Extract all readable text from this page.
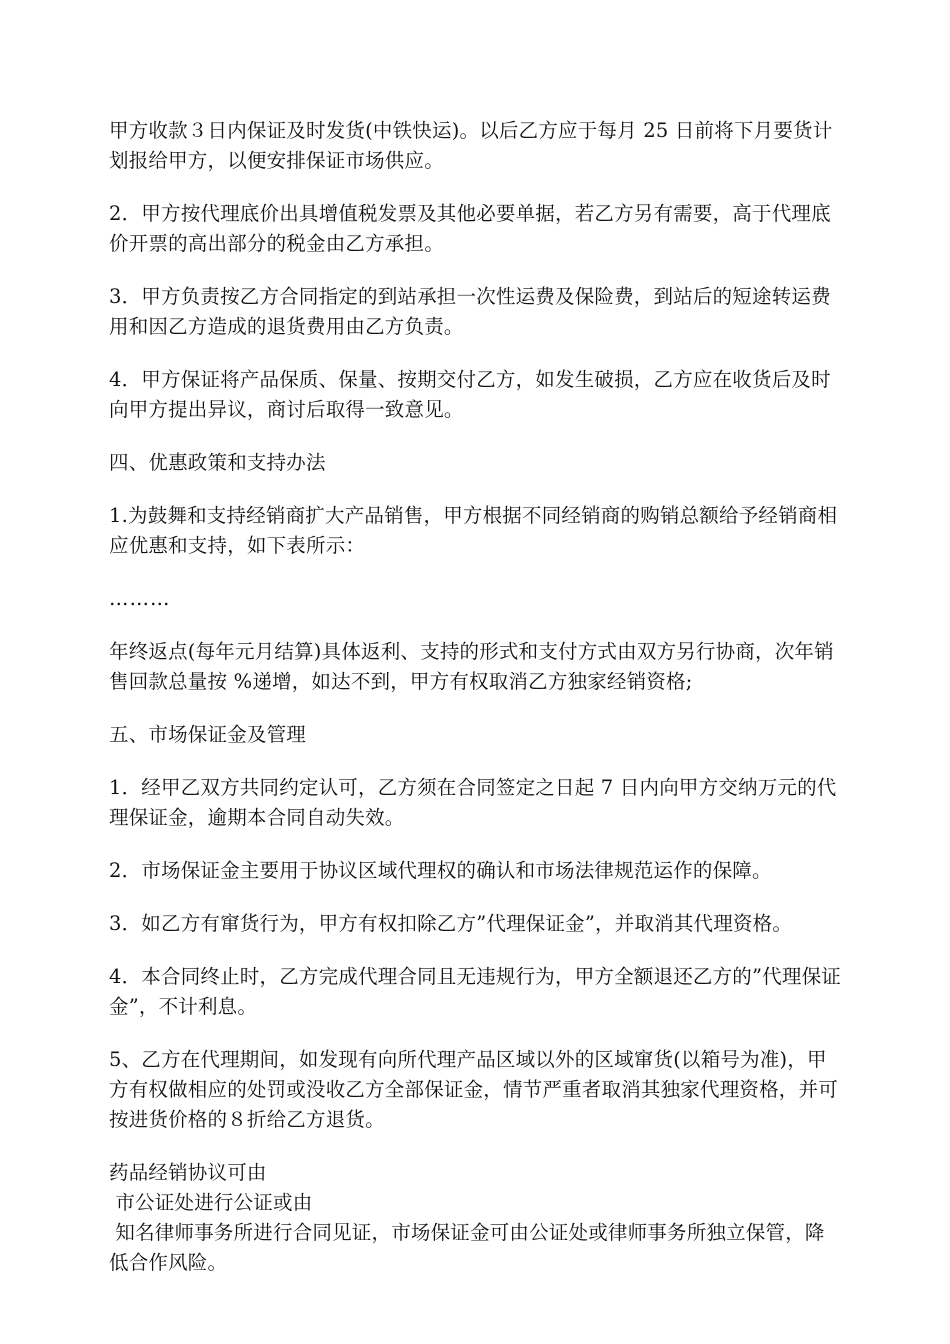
甲方收款３日内保证及时发货(中铁快运)。以后乙方应于每月 25 日前将下月要货计划报给甲方，以便安排保证市场供应。

2．甲方按代理底价出具增值税发票及其他必要单据，若乙方另有需要，高于代理底价开票的高出部分的税金由乙方承担。

3．甲方负责按乙方合同指定的到站承担一次性运费及保险费，到站后的短途转运费用和因乙方造成的退货费用由乙方负责。

4．甲方保证将产品保质、保量、按期交付乙方，如发生破损，乙方应在收货后及时向甲方提出异议，商讨后取得一致意见。

四、优惠政策和支持办法

1.为鼓舞和支持经销商扩大产品销售，甲方根据不同经销商的购销总额给予经销商相应优惠和支持，如下表所示：

………

年终返点(每年元月结算)具体返利、支持的形式和支付方式由双方另行协商，次年销售回款总量按 %递增，如达不到，甲方有权取消乙方独家经销资格;

五、市场保证金及管理

1．经甲乙双方共同约定认可，乙方须在合同签定之日起 7 日内向甲方交纳万元的代理保证金，逾期本合同自动失效。

2．市场保证金主要用于协议区域代理权的确认和市场法律规范运作的保障。

3．如乙方有窜货行为，甲方有权扣除乙方”代理保证金”，并取消其代理资格。

4．本合同终止时，乙方完成代理合同且无违规行为，甲方全额退还乙方的”代理保证金”，不计利息。

5、乙方在代理期间，如发现有向所代理产品区域以外的区域窜货(以箱号为准)，甲方有权做相应的处罚或没收乙方全部保证金，情节严重者取消其独家代理资格，并可按进货价格的８折给乙方退货。

药品经销协议可由
市公证处进行公证或由
知名律师事务所进行合同见证，市场保证金可由公证处或律师事务所独立保管，降低合作风险。
